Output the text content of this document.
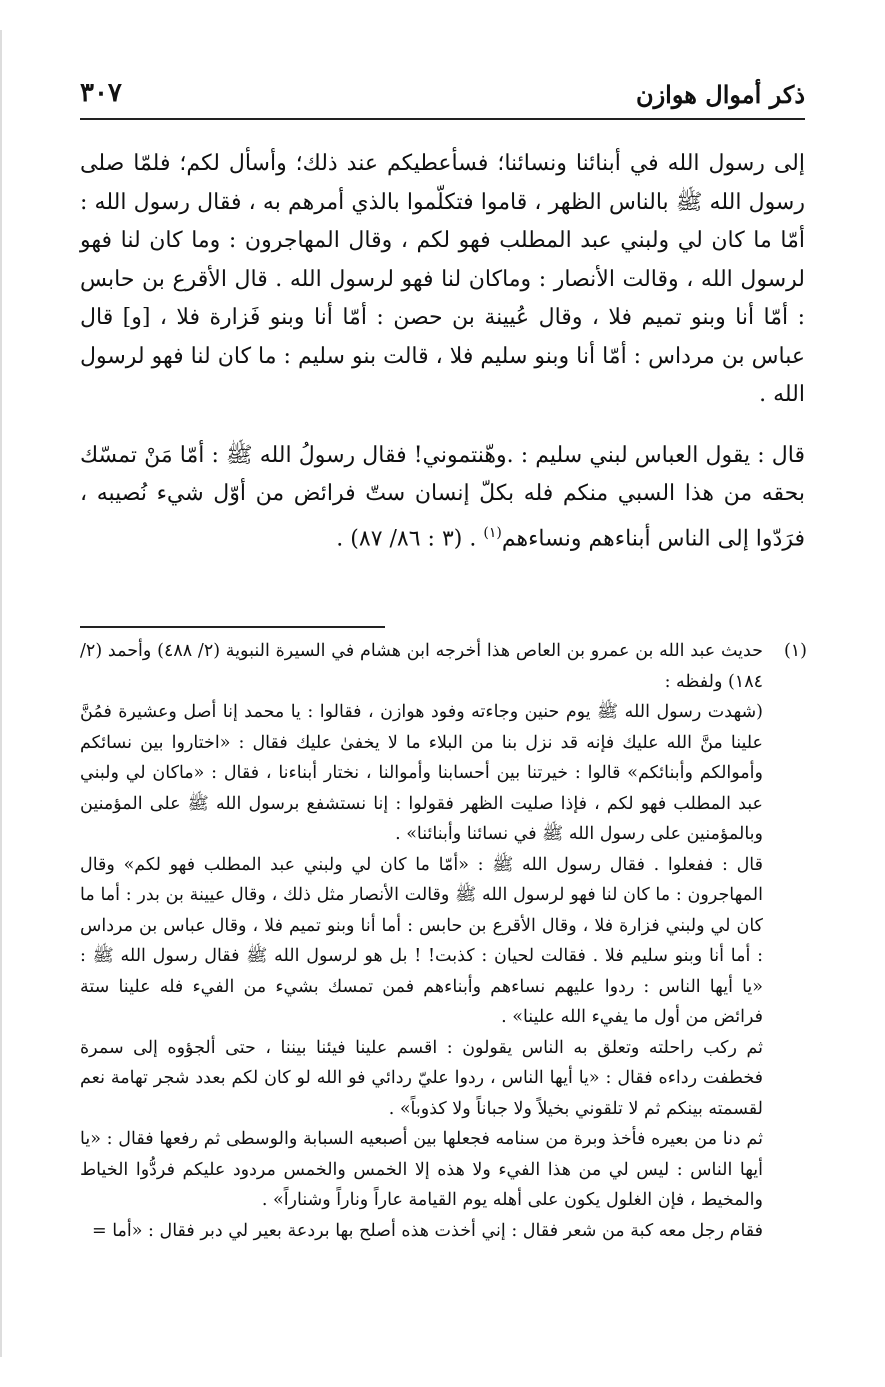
ذكر أموال هوازن
٣٠٧

إلى رسول الله في أبنائنا ونسائنا؛ فسأعطيكم عند ذلك؛ وأسأل لكم؛ فلمّا صلى رسول الله ﷺ بالناس الظهر ، قاموا فتكلّموا بالذي أمرهم به ، فقال رسول الله : أمّا ما كان لي ولبني عبد المطلب فهو لكم ، وقال المهاجرون : وما كان لنا فهو لرسول الله ، وقالت الأنصار : وماكان لنا فهو لرسول الله . قال الأقرع بن حابس : أمّا أنا وبنو تميم فلا ، وقال عُيينة بن حصن : أمّا أنا وبنو فَزارة فلا ، [و] قال عباس بن مرداس : أمّا أنا وبنو سليم فلا ، قالت بنو سليم : ما كان لنا فهو لرسول الله .

قال : يقول العباس لبني سليم : .وهّنتموني! فقال رسولُ الله ﷺ : أمّا مَنْ تمسّك بحقه من هذا السبي منكم فله بكلّ إنسان ستّ فرائض من أوّل شيء نُصيبه ، فرَدّوا إلى الناس أبناءهم ونساءهم$^{(١)}$ . (٣ : ٨٦/ ٨٧) .

(١)

حديث عبد الله بن عمرو بن العاص هذا أخرجه ابن هشام في السيرة النبوية (٢/ ٤٨٨) وأحمد (٢/ ١٨٤) ولفظه :

(شهدت رسول الله ﷺ يوم حنين وجاءته وفود هوازن ، فقالوا : يا محمد إنا أصل وعشيرة فمُنَّ علينا منَّ الله عليك فإنه قد نزل بنا من البلاء ما لا يخفىٰ عليك فقال : «اختاروا بين نسائكم وأموالكم وأبنائكم» قالوا : خيرتنا بين أحسابنا وأموالنا ، نختار أبناءنا ، فقال : «ماكان لي ولبني عبد المطلب فهو لكم ، فإذا صليت الظهر فقولوا : إنا نستشفع برسول الله ﷺ على المؤمنين وبالمؤمنين على رسول الله ﷺ في نسائنا وأبنائنا» .

قال : ففعلوا . فقال رسول الله ﷺ : «أمّا ما كان لي ولبني عبد المطلب فهو لكم» وقال المهاجرون : ما كان لنا فهو لرسول الله ﷺ وقالت الأنصار مثل ذلك ، وقال عيينة بن بدر : أما ما كان لي ولبني فزارة فلا ، وقال الأقرع بن حابس : أما أنا وبنو تميم فلا ، وقال عباس بن مرداس : أما أنا وبنو سليم فلا . فقالت لحيان : كذبت! ! بل هو لرسول الله ﷺ فقال رسول الله ﷺ : «يا أيها الناس : ردوا عليهم نساءهم وأبناءهم فمن تمسك بشيء من الفيء فله علينا ستة فرائض من أول ما يفيء الله علينا» .

ثم ركب راحلته وتعلق به الناس يقولون : اقسم علينا فيئنا بيننا ، حتى ألجؤوه إلى سمرة فخطفت رداءه فقال : «يا أيها الناس ، ردوا عليّ ردائي فو الله لو كان لكم بعدد شجر تهامة نعم لقسمته بينكم ثم لا تلقوني بخيلاً ولا جباناً ولا كذوباً» .

ثم دنا من بعيره فأخذ وبرة من سنامه فجعلها بين أصبعيه السبابة والوسطى ثم رفعها فقال : «يا أيها الناس : ليس لي من هذا الفيء ولا هذه إلا الخمس والخمس مردود عليكم فردُّوا الخياط والمخيط ، فإن الغلول يكون على أهله يوم القيامة عاراً وناراً وشناراً» .

فقام رجل معه كبة من شعر فقال : إني أخذت هذه أصلح بها بردعة بعير لي دبر فقال : «أما =
